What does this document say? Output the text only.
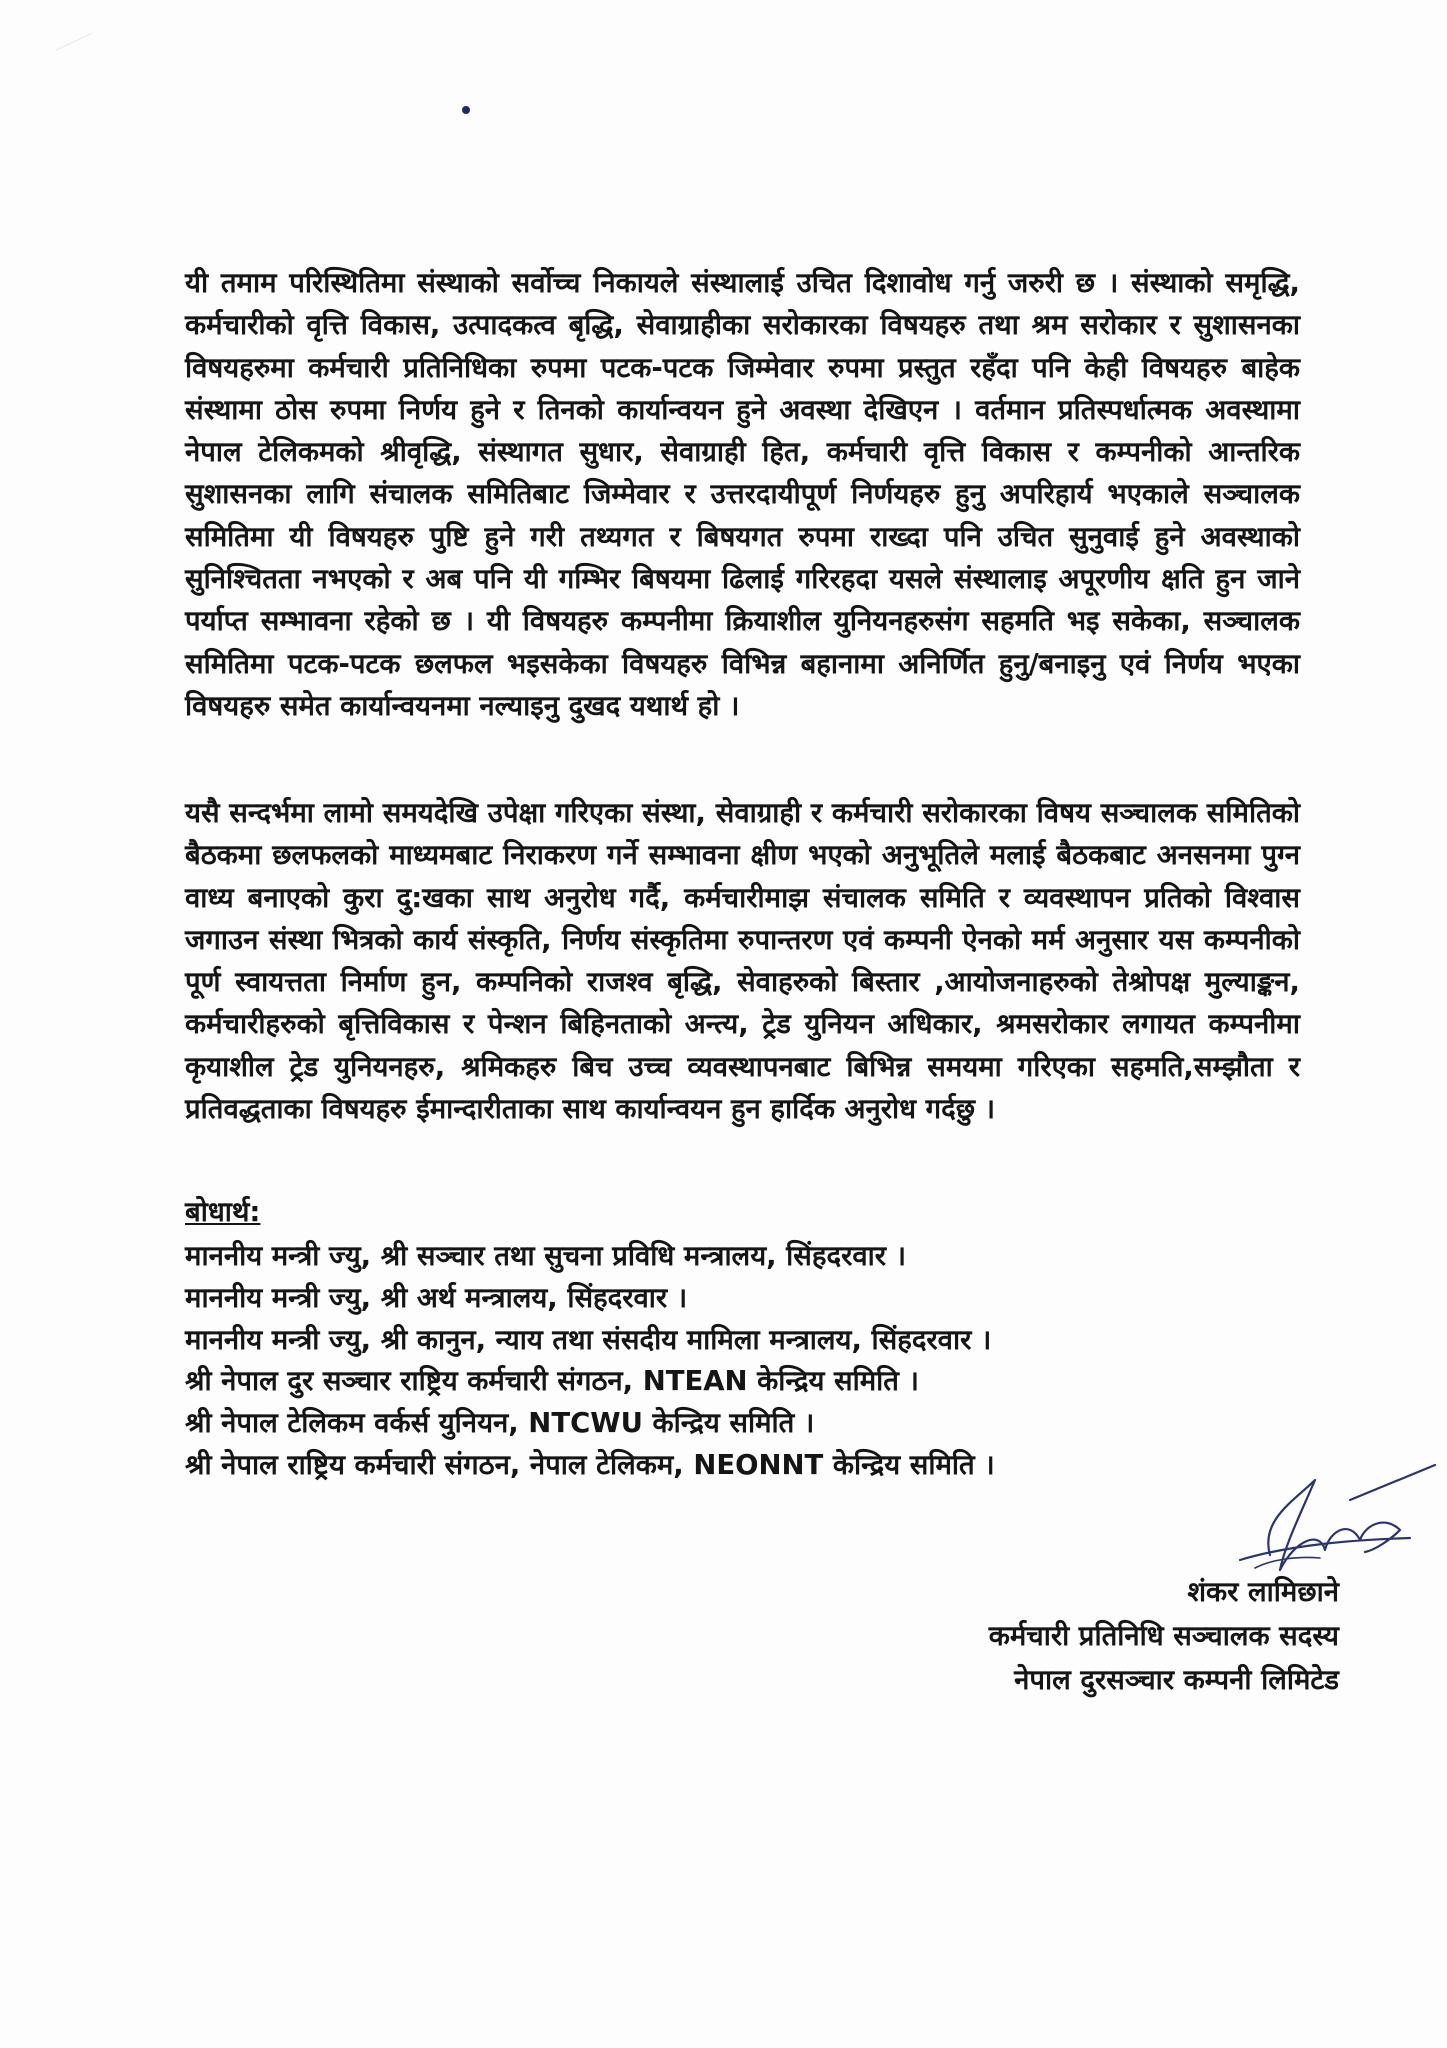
यी तमाम परिस्थितिमा संस्थाको सर्वोच्च निकायले संस्थालाई उचित दिशावोध गर्नु जरुरी छ । संस्थाको समृद्धि, कर्मचारीको वृत्ति विकास, उत्पादकत्व बृद्धि, सेवाग्राहीका सरोकारका विषयहरु तथा श्रम सरोकार र सुशासनका विषयहरुमा कर्मचारी प्रतिनिधिका रुपमा पटक-पटक जिम्मेवार रुपमा प्रस्तुत रहँदा पनि केही विषयहरु बाहेक संस्थामा ठोस रुपमा निर्णय हुने र तिनको कार्यान्वयन हुने अवस्था देखिएन । वर्तमान प्रतिस्पर्धात्मक अवस्थामा नेपाल टेलिकमको श्रीवृद्धि, संस्थागत सुधार, सेवाग्राही हित, कर्मचारी वृत्ति विकास र कम्पनीको आन्तरिक सुशासनका लागि संचालक समितिबाट जिम्मेवार र उत्तरदायीपूर्ण निर्णयहरु हुनु अपरिहार्य भएकाले सञ्चालक समितिमा यी विषयहरु पुष्टि हुने गरी तथ्यगत र बिषयगत रुपमा राख्दा पनि उचित सुनुवाई हुने अवस्थाको सुनिश्चितता नभएको र अब पनि यी गम्भिर बिषयमा ढिलाई गरिरहदा यसले संस्थालाइ अपूरणीय क्षति हुन जाने पर्याप्त सम्भावना रहेको छ । यी विषयहरु कम्पनीमा क्रियाशील युनियनहरुसंग सहमति भइ सकेका, सञ्चालक समितिमा पटक-पटक छलफल भइसकेका विषयहरु विभिन्न बहानामा अनिर्णित हुनु/बनाइनु एवं निर्णय भएका विषयहरु समेत कार्यान्वयनमा नल्याइनु दुखद यथार्थ हो ।

यसै सन्दर्भमा लामो समयदेखि उपेक्षा गरिएका संस्था, सेवाग्राही र कर्मचारी सरोकारका विषय सञ्चालक समितिको बैठकमा छलफलको माध्यमबाट निराकरण गर्ने सम्भावना क्षीण भएको अनुभूतिले मलाई बैठकबाट अनसनमा पुग्न वाध्य बनाएको कुरा दु:खका साथ अनुरोध गर्दै, कर्मचारीमाझ संचालक समिति र व्यवस्थापन प्रतिको विश्वास जगाउन संस्था भित्रको कार्य संस्कृति, निर्णय संस्कृतिमा रुपान्तरण एवं कम्पनी ऐनको मर्म अनुसार यस कम्पनीको पूर्ण स्वायत्तता निर्माण हुन, कम्पनिको राजश्व बृद्धि, सेवाहरुको बिस्तार ,आयोजनाहरुको तेश्रोपक्ष मुल्याङ्कन, कर्मचारीहरुको बृत्तिविकास र पेन्शन बिहिनताको अन्त्य, ट्रेड युनियन अधिकार, श्रमसरोकार लगायत कम्पनीमा कृयाशील ट्रेड युनियनहरु, श्रमिकहरु बिच उच्च व्यवस्थापनबाट बिभिन्न समयमा गरिएका सहमति,सम्झौता र प्रतिवद्धताका विषयहरु ईमान्दारीताका साथ कार्यान्वयन हुन हार्दिक अनुरोध गर्दछु ।

बोधार्थ:

माननीय मन्त्री ज्यु, श्री सञ्चार तथा सुचना प्रविधि मन्त्रालय, सिंहदरवार ।
माननीय मन्त्री ज्यु, श्री अर्थ मन्त्रालय, सिंहदरवार ।
माननीय मन्त्री ज्यु, श्री कानुन, न्याय तथा संसदीय मामिला मन्त्रालय, सिंहदरवार ।
श्री नेपाल दुर सञ्चार राष्ट्रिय कर्मचारी संगठन, NTEAN केन्द्रिय समिति ।
श्री नेपाल टेलिकम वर्कर्स युनियन, NTCWU केन्द्रिय समिति ।
श्री नेपाल राष्ट्रिय कर्मचारी संगठन, नेपाल टेलिकम, NEONNT केन्द्रिय समिति ।
शंकर लामिछाने
कर्मचारी प्रतिनिधि सञ्चालक सदस्य
नेपाल दुरसञ्चार कम्पनी लिमिटेड
